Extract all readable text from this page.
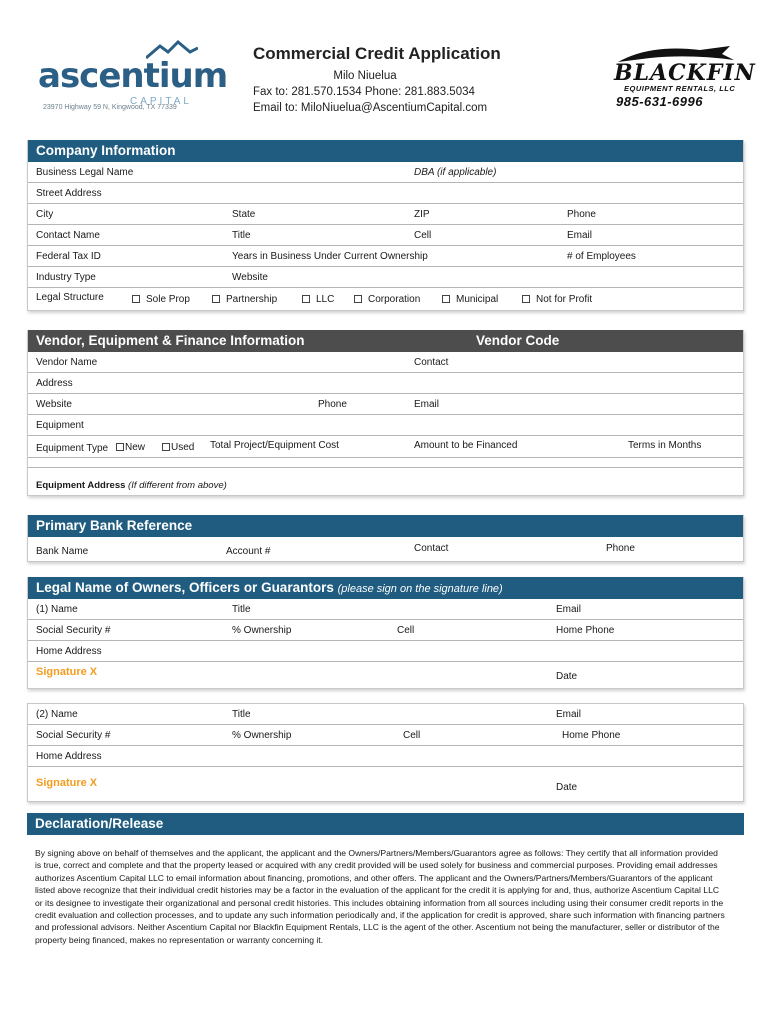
ascentium
CAPITAL
23970 Highway 59 N, Kingwood, TX 77339
Commercial Credit Application
Milo Niuelua
Fax to: 281.570.1534 Phone: 281.883.5034
Email to: MiloNiuelua@AscentiumCapital.com
BLACKFIN
EQUIPMENT RENTALS, LLC
985-631-6996
Company Information
Business Legal Name	DBA (if applicable)
Street Address
City	State	ZIP	Phone
Contact Name	Title	Cell	Email
Federal Tax ID	Years in Business Under Current Ownership	# of Employees
Industry Type	Website
Legal Structure	Sole Prop	Partnership	LLC	Corporation	Municipal	Not for Profit
Vendor, Equipment & Finance Information	Vendor Code
Vendor Name	Contact
Address
Website	Phone	Email
Equipment
Equipment Type	New	Used Total Project/Equipment Cost	Amount to be Financed	Terms in Months
Equipment Address (If different from above)
Primary Bank Reference
Bank Name	Account #	Contact	Phone
Legal Name of Owners, Officers or Guarantors (please sign on the signature line)
(1) Name	Title	Email
Social Security #	% Ownership	Cell	Home Phone
Home Address
Signature X	Date
(2) Name	Title	Email
Social Security #	% Ownership	Cell	Home Phone
Home Address
Signature X	Date
Declaration/Release
By signing above on behalf of themselves and the applicant, the applicant and the Owners/Partners/Members/Guarantors agree as follows: They certify that all information provided is true, correct and complete and that the property leased or acquired with any credit provided will be used solely for business and commercial purposes. Providing email addresses authorizes Ascentium Capital LLC to email information about financing, promotions, and other offers. The applicant and the Owners/Partners/Members/Guarantors of the applicant listed above recognize that their individual credit histories may be a factor in the evaluation of the applicant for the credit it is applying for and, thus, authorize Ascentium Capital LLC or its designee to investigate their organizational and personal credit histories. This includes obtaining information from all sources including using their consumer credit reports in the credit evaluation and collection processes, and to update any such information periodically and, if the application for credit is approved, share such information with financing partners and professional advisors. Neither Ascentium Capital nor Blackfin Equipment Rentals, LLC is the agent of the other. Ascentium not being the manufacturer, seller or distributor of the property being financed, makes no representation or warranty concerning it.
